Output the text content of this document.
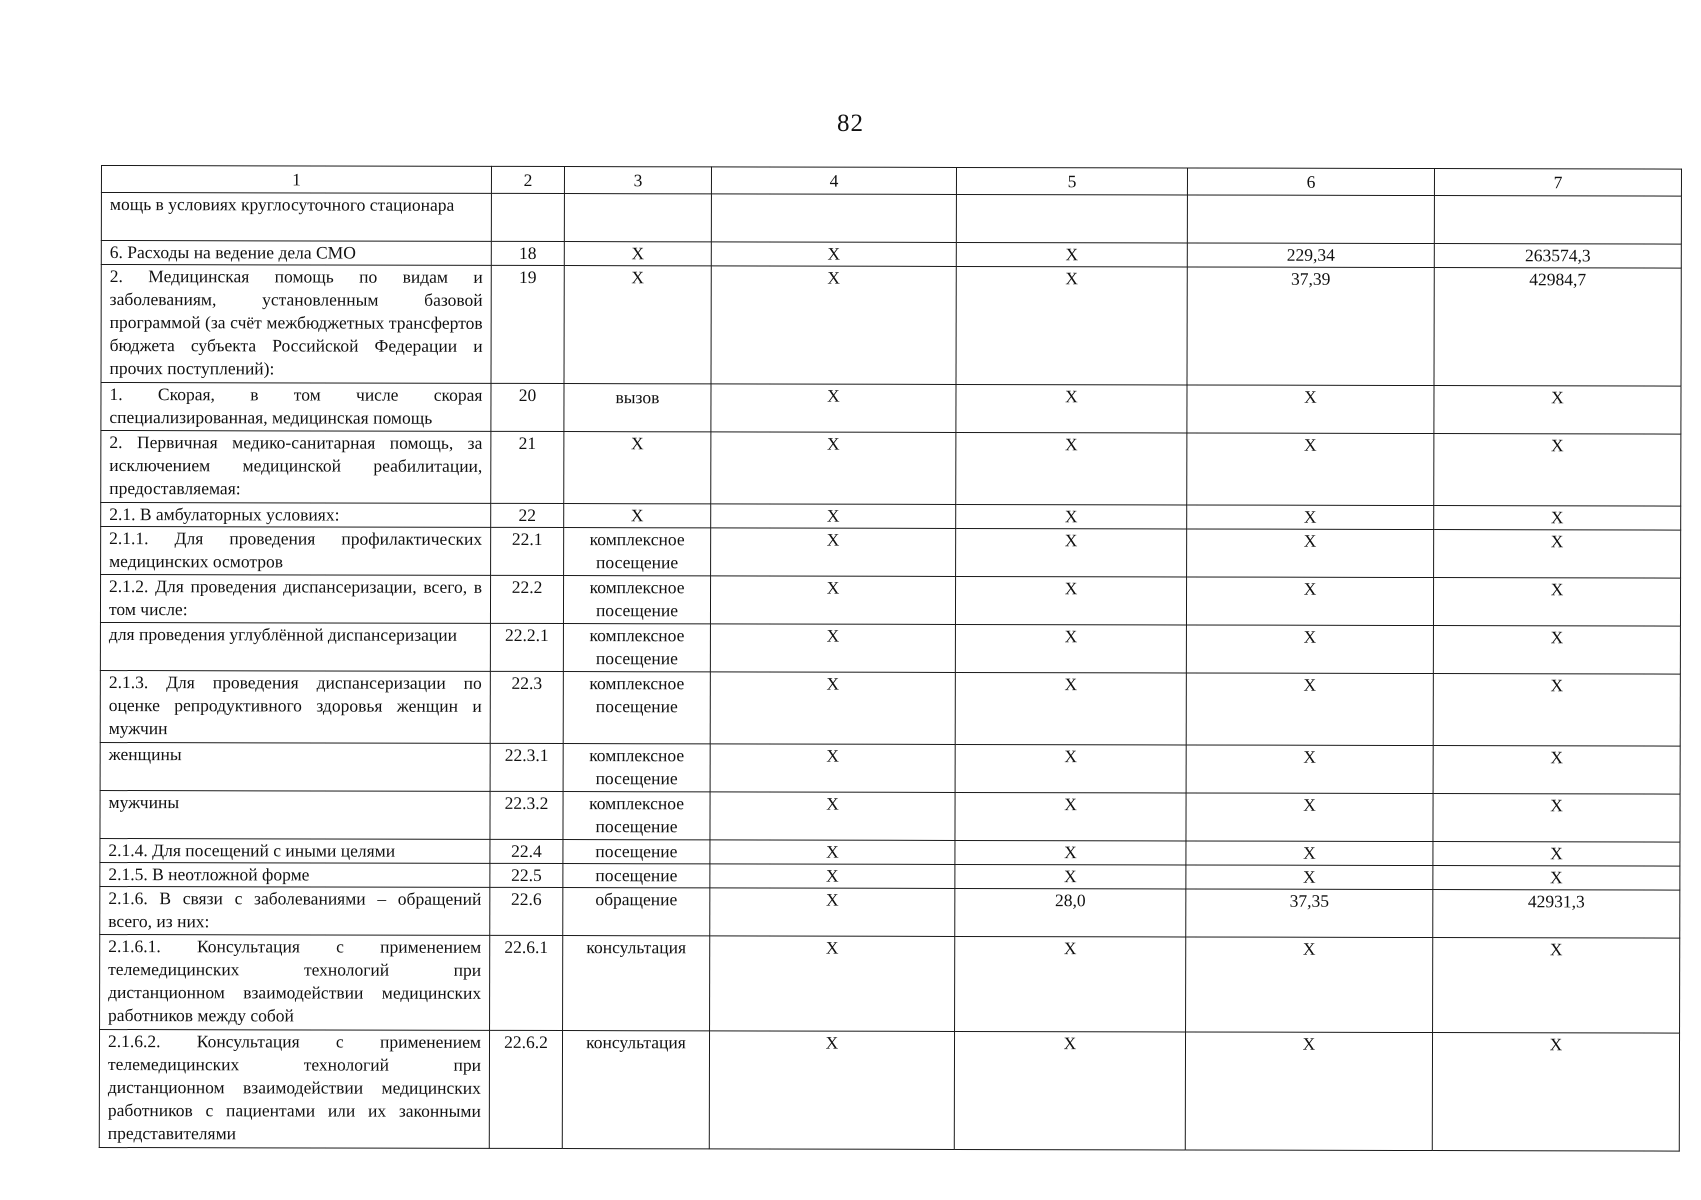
82
1	2	3	4	5	6	7
мощь в условиях круглосуточного стационара						
6. Расходы на ведение дела СМО	18	Х	Х	Х	229,34	263574,3
2. Медицинская помощь по видам и заболеваниям, установленным базовой программой (за счёт межбюджетных трансфертов бюджета субъекта Российской Федерации и прочих поступлений):	19	Х	Х	Х	37,39	42984,7
1. Скорая, в том числе скорая специализированная, медицинская помощь	20	вызов	Х	Х	Х	Х
2. Первичная медико-санитарная помощь, за исключением медицинской реабилитации, предоставляемая:	21	Х	Х	Х	Х	Х
2.1. В амбулаторных условиях:	22	Х	Х	Х	Х	Х
2.1.1. Для проведения профилактических медицинских осмотров	22.1	комплексное посещение	Х	Х	Х	Х
2.1.2. Для проведения диспансеризации, всего, в том числе:	22.2	комплексное посещение	Х	Х	Х	Х
для проведения углублённой диспансеризации	22.2.1	комплексное посещение	Х	Х	Х	Х
2.1.3. Для проведения диспансеризации по оценке репродуктивного здоровья женщин и мужчин	22.3	комплексное посещение	Х	Х	Х	Х
женщины	22.3.1	комплексное посещение	Х	Х	Х	Х
мужчины	22.3.2	комплексное посещение	Х	Х	Х	Х
2.1.4. Для посещений с иными целями	22.4	посещение	Х	Х	Х	Х
2.1.5. В неотложной форме	22.5	посещение	Х	Х	Х	Х
2.1.6. В связи с заболеваниями – обращений всего, из них:	22.6	обращение	Х	28,0	37,35	42931,3
2.1.6.1. Консультация с применением телемедицинских технологий при дистанционном взаимодействии медицинских работников между собой	22.6.1	консультация	Х	Х	Х	Х
2.1.6.2. Консультация с применением телемедицинских технологий при дистанционном взаимодействии медицинских работников с пациентами или их законными представителями	22.6.2	консультация	Х	Х	Х	Х
